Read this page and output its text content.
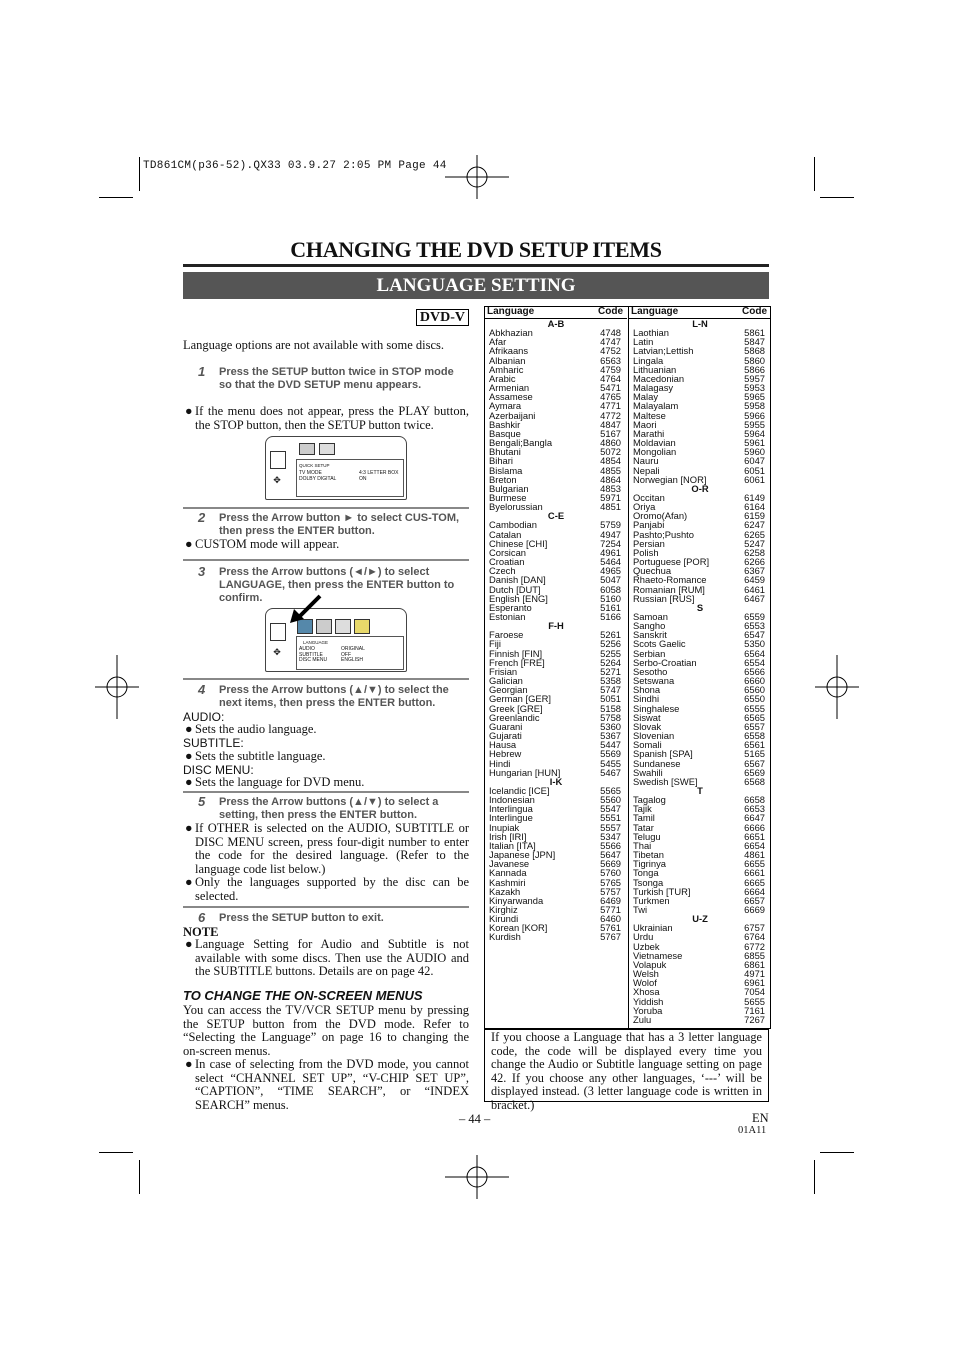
TD861CM(p36-52).QX33 03.9.27 2:05 PM Page 44
CHANGING THE DVD SETUP ITEMS
LANGUAGE SETTING
DVD-V

Language options are not available with some discs.

1 Press the SETUP button twice in STOP mode so that the DVD SETUP menu appears.
● If the menu does not appear, press the PLAY button, the STOP button, then the SETUP button twice.
✥
QUICK SETUP
TV MODE
DOLBY DIGITAL
4:3 LETTER BOX
ON
2 Press the Arrow button ► to select CUS-TOM, then press the ENTER button.
● CUSTOM mode will appear.
3 Press the Arrow buttons (◄/►) to select LANGUAGE, then press the ENTER button to confirm.
✥
LANGUAGE
AUDIO
SUBTITLE
DISC MENU
ORIGINAL
OFF
ENGLISH
4 Press the Arrow buttons (▲/▼) to select the next items, then press the ENTER button.
AUDIO:
● Sets the audio language.
SUBTITLE:
● Sets the subtitle language.
DISC MENU:
● Sets the language for DVD menu.
5 Press the Arrow buttons (▲/▼) to select a setting, then press the ENTER button.
● If OTHER is selected on the AUDIO, SUBTITLE or DISC MENU screen, press four-digit number to enter the code for the desired language. (Refer to the language code list below.)
● Only the languages supported by the disc can be selected.
6 Press the SETUP button to exit.
NOTE
● Language Setting for Audio and Subtitle is not available with some discs. Then use the AUDIO and the SUBTITLE buttons. Details are on page 42.
TO CHANGE THE ON-SCREEN MENUS
You can access the TV/VCR SETUP menu by pressing the SETUP button from the DVD mode. Refer to “Selecting the Language” on page 16 to changing the on-screen menus.
● In case of selecting from the DVD mode, you cannot select “CHANNEL SET UP”, “V-CHIP SET UP”, “CAPTION”, “TIME SEARCH”, or “INDEX SEARCH” menus.
Language	Code
A-B
Abkhazian	4748
Afar	4747
Afrikaans	4752
Albanian	6563
Amharic	4759
Arabic	4764
Armenian	5471
Assamese	4765
Aymara	4771
Azerbaijani	4772
Bashkir	4847
Basque	5167
Bengali;Bangla	4860
Bhutani	5072
Bihari	4854
Bislama	4855
Breton	4864
Bulgarian	4853
Burmese	5971
Byelorussian	4851
C-E
Cambodian	5759
Catalan	4947
Chinese [CHI]	7254
Corsican	4961
Croatian	5464
Czech	4965
Danish [DAN]	5047
Dutch [DUT]	6058
English [ENG]	5160
Esperanto	5161
Estonian	5166
F-H
Faroese	5261
Fiji	5256
Finnish [FIN]	5255
French [FRE]	5264
Frisian	5271
Galician	5358
Georgian	5747
German [GER]	5051
Greek [GRE]	5158
Greenlandic	5758
Guarani	5360
Gujarati	5367
Hausa	5447
Hebrew	5569
Hindi	5455
Hungarian [HUN]	5467
I-K
Icelandic [ICE]	5565
Indonesian	5560
Interlingua	5547
Interlingue	5551
Inupiak	5557
Irish [IRI]	5347
Italian [ITA]	5566
Japanese [JPN]	5647
Javanese	5669
Kannada	5760
Kashmiri	5765
Kazakh	5757
Kinyarwanda	6469
Kirghiz	5771
Kirundi	6460
Korean [KOR]	5761
Kurdish	5767
Language	Code
L-N
Laothian	5861
Latin	5847
Latvian;Lettish	5868
Lingala	5860
Lithuanian	5866
Macedonian	5957
Malagasy	5953
Malay	5965
Malayalam	5958
Maltese	5966
Maori	5955
Marathi	5964
Moldavian	5961
Mongolian	5960
Nauru	6047
Nepali	6051
Norwegian [NOR]	6061
O-R
Occitan	6149
Oriya	6164
Oromo(Afan)	6159
Panjabi	6247
Pashto;Pushto	6265
Persian	5247
Polish	6258
Portuguese [POR]	6266
Quechua	6367
Rhaeto-Romance	6459
Romanian [RUM]	6461
Russian [RUS]	6467
S
Samoan	6559
Sangho	6553
Sanskrit	6547
Scots Gaelic	5350
Serbian	6564
Serbo-Croatian	6554
Sesotho	6566
Setswana	6660
Shona	6560
Sindhi	6550
Singhalese	6555
Siswat	6565
Slovak	6557
Slovenian	6558
Somali	6561
Spanish [SPA]	5165
Sundanese	6567
Swahili	6569
Swedish [SWE]	6568
T
Tagalog	6658
Tajik	6653
Tamil	6647
Tatar	6666
Telugu	6651
Thai	6654
Tibetan	4861
Tigrinya	6655
Tonga	6661
Tsonga	6665
Turkish [TUR]	6664
Turkmen	6657
Twi	6669
U-Z
Ukrainian	6757
Urdu	6764
Uzbek	6772
Vietnamese	6855
Volapuk	6861
Welsh	4971
Wolof	6961
Xhosa	7054
Yiddish	5655
Yoruba	7161
Zulu	7267
If you choose a Language that has a 3 letter language code, the code will be displayed every time you change the Audio or Subtitle language setting on page 42. If you choose any other languages, ‘---’ will be displayed instead. (3 letter language code is written in bracket.)
– 44 –	EN
01A11
